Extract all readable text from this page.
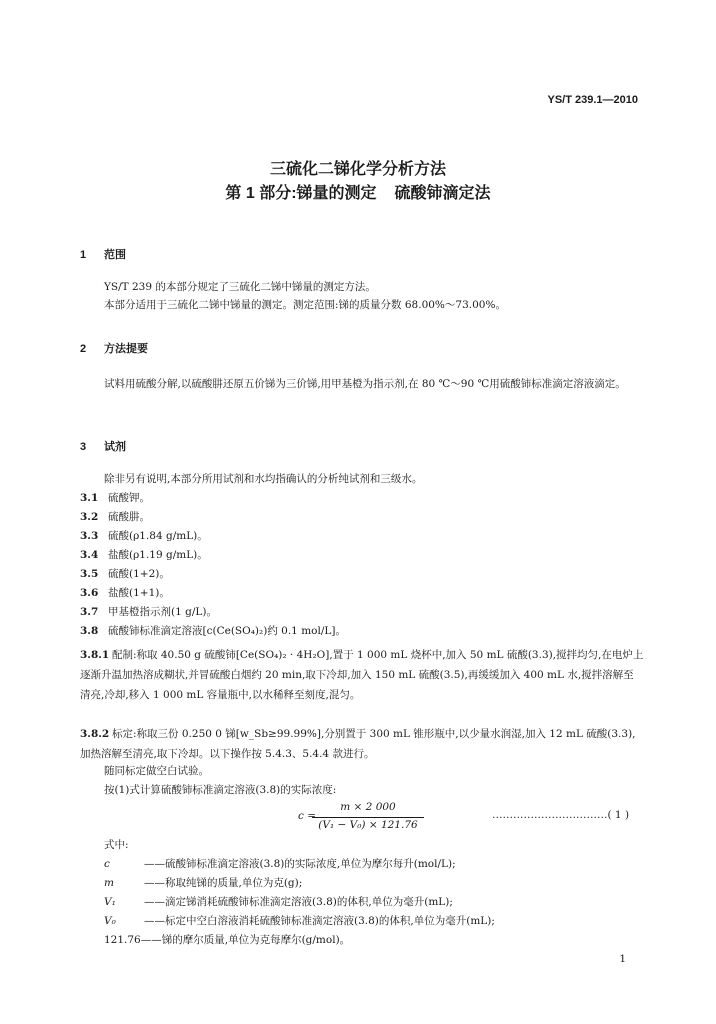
YS/T 239.1—2010
三硫化二锑化学分析方法
第 1 部分:锑量的测定 硫酸铈滴定法
1 范围
YS/T 239 的本部分规定了三硫化二锑中锑量的测定方法。
本部分适用于三硫化二锑中锑量的测定。测定范围:锑的质量分数 68.00%～73.00%。
2 方法提要
试料用硫酸分解,以硫酸肼还原五价锑为三价锑,用甲基橙为指示剂,在 80 ℃～90 ℃用硫酸铈标准滴定溶液滴定。
3 试剂
除非另有说明,本部分所用试剂和水均指确认的分析纯试剂和三级水。
3.1 硫酸钾。
3.2 硫酸肼。
3.3 硫酸(ρ1.84 g/mL)。
3.4 盐酸(ρ1.19 g/mL)。
3.5 硫酸(1+2)。
3.6 盐酸(1+1)。
3.7 甲基橙指示剂(1 g/L)。
3.8 硫酸铈标准滴定溶液[c(Ce(SO₄)₂)约 0.1 mol/L]。
3.8.1 配制:称取 40.50 g 硫酸铈[Ce(SO₄)₂ · 4H₂O],置于 1 000 mL 烧杯中,加入 50 mL 硫酸(3.3),搅拌均匀,在电炉上逐渐升温加热溶成糊状,并冒硫酸白烟约 20 min,取下冷却,加入 150 mL 硫酸(3.5),再缓缓加入 400 mL 水,搅拌溶解至清亮,冷却,移入 1 000 mL 容量瓶中,以水稀释至刻度,混匀。
3.8.2 标定:称取三份 0.250 0 锑[w_Sb≥99.99%],分别置于 300 mL 锥形瓶中,以少量水润湿,加入 12 mL 硫酸(3.3),加热溶解至清亮,取下冷却。以下操作按 5.4.3、5.4.4 款进行。
随同标定做空白试验。
按(1)式计算硫酸铈标准滴定溶液(3.8)的实际浓度:
c =
$\frac{m \times 2 000}{\text{(V₁ − V₀) × 121.76}}$	……………………………( 1 )
式中:
c	——硫酸铈标准滴定溶液(3.8)的实际浓度,单位为摩尔每升(mol/L);
m	——称取纯锑的质量,单位为克(g);
V₁	——滴定锑消耗硫酸铈标准滴定溶液(3.8)的体积,单位为毫升(mL);
V₀	——标定中空白溶液消耗硫酸铈标准滴定溶液(3.8)的体积,单位为毫升(mL);
121.76——锑的摩尔质量,单位为克每摩尔(g/mol)。
1
